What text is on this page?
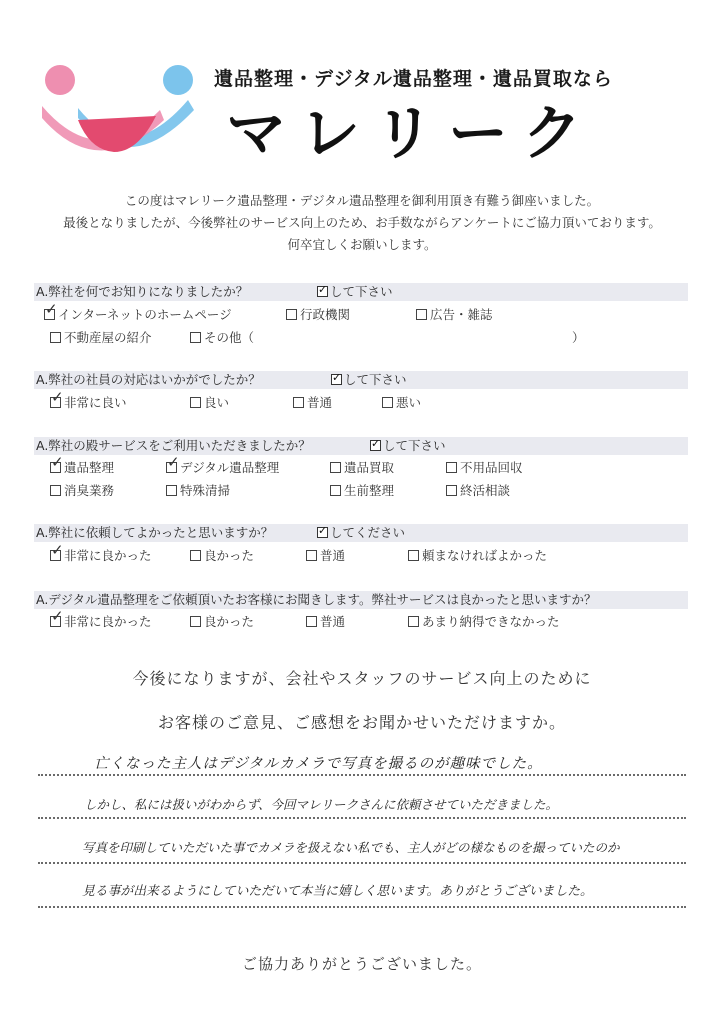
遺品整理・デジタル遺品整理・遺品買取なら
マレリーク
この度はマレリーク遺品整理・デジタル遺品整理を御利用頂き有難う御座いました。
最後となりましたが、今後弊社のサービス向上のため、お手数ながらアンケートにご協力頂いております。
何卒宜しくお願いします。
A.弊社を何でお知りになりましたか？ ✓	して下さい
✓インターネットのホームページ	行政機関	広告・雑誌
不動産屋の紹介	その他（	）
A.弊社の社員の対応はいかがでしたか？ ✓	して下さい
✓非常に良い	良い	普通	悪い
A.弊社の殿サービスをご利用いただきましたか？ ✓	して下さい
✓遺品整理 ✓	デジタル遺品整理	遺品買取	不用品回収
消臭業務	特殊清掃	生前整理	終活相談
A.弊社に依頼してよかったと思いますか？ ✓	してください
✓非常に良かった	良かった	普通	頼まなければよかった
A.デジタル遺品整理をご依頼頂いたお客様にお聞きします。弊社サービスは良かったと思いますか？
✓非常に良かった	良かった	普通	あまり納得できなかった
今後になりますが、会社やスタッフのサービス向上のために
お客様のご意見、ご感想をお聞かせいただけますか。
亡くなった主人はデジタルカメラで写真を撮るのが趣味でした。
しかし、私には扱いがわからず、今回マレリークさんに依頼させていただきました。
写真を印刷していただいた事でカメラを扱えない私でも、主人がどの様なものを撮っていたのか
見る事が出来るようにしていただいて本当に嬉しく思います。ありがとうございました。
ご協力ありがとうございました。
